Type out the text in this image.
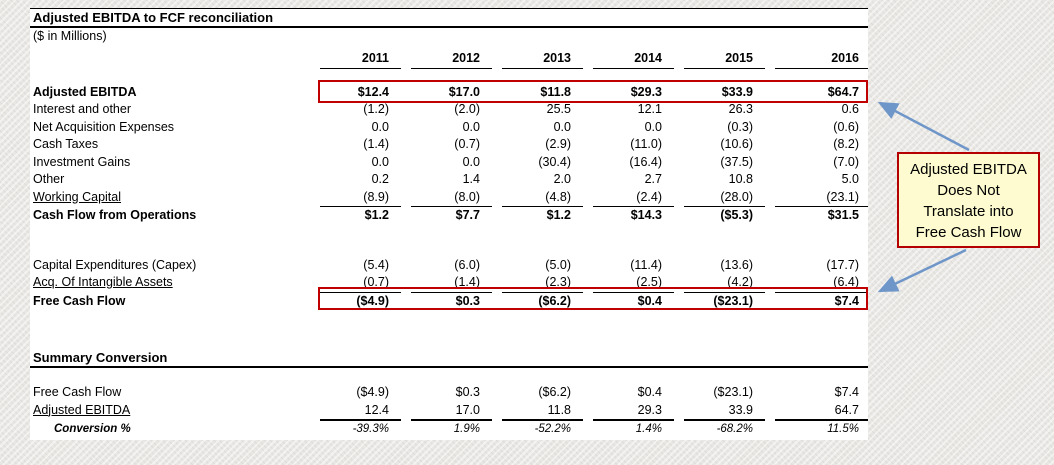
Adjusted EBITDA to FCF reconciliation
($ in Millions)
2011	2012	2013	2014	2015	2016
Adjusted EBITDA	$12.4	$17.0	$11.8	$29.3	$33.9	$64.7
Interest and other	(1.2)	(2.0)	25.5	12.1	26.3	0.6
Net Acquisition Expenses	0.0	0.0	0.0	0.0	(0.3)	(0.6)
Cash Taxes	(1.4)	(0.7)	(2.9)	(11.0)	(10.6)	(8.2)
Investment Gains	0.0	0.0	(30.4)	(16.4)	(37.5)	(7.0)
Other	0.2	1.4	2.0	2.7	10.8	5.0
Working Capital	(8.9)	(8.0)	(4.8)	(2.4)	(28.0)	(23.1)
Cash Flow from Operations	$1.2	$7.7	$1.2	$14.3	($5.3)	$31.5
Capital Expenditures (Capex)	(5.4)	(6.0)	(5.0)	(11.4)	(13.6)	(17.7)
Acq. Of Intangible Assets	(0.7)	(1.4)	(2.3)	(2.5)	(4.2)	(6.4)
Free Cash Flow	($4.9)	$0.3	($6.2)	$0.4	($23.1)	$7.4
Summary Conversion
Free Cash Flow	($4.9)	$0.3	($6.2)	$0.4	($23.1)	$7.4
Adjusted EBITDA	12.4	17.0	11.8	29.3	33.9	64.7
Conversion %	-39.3%	1.9%	-52.2%	1.4%	-68.2%	11.5%
Adjusted EBITDA
Does Not
Translate into
Free Cash Flow
